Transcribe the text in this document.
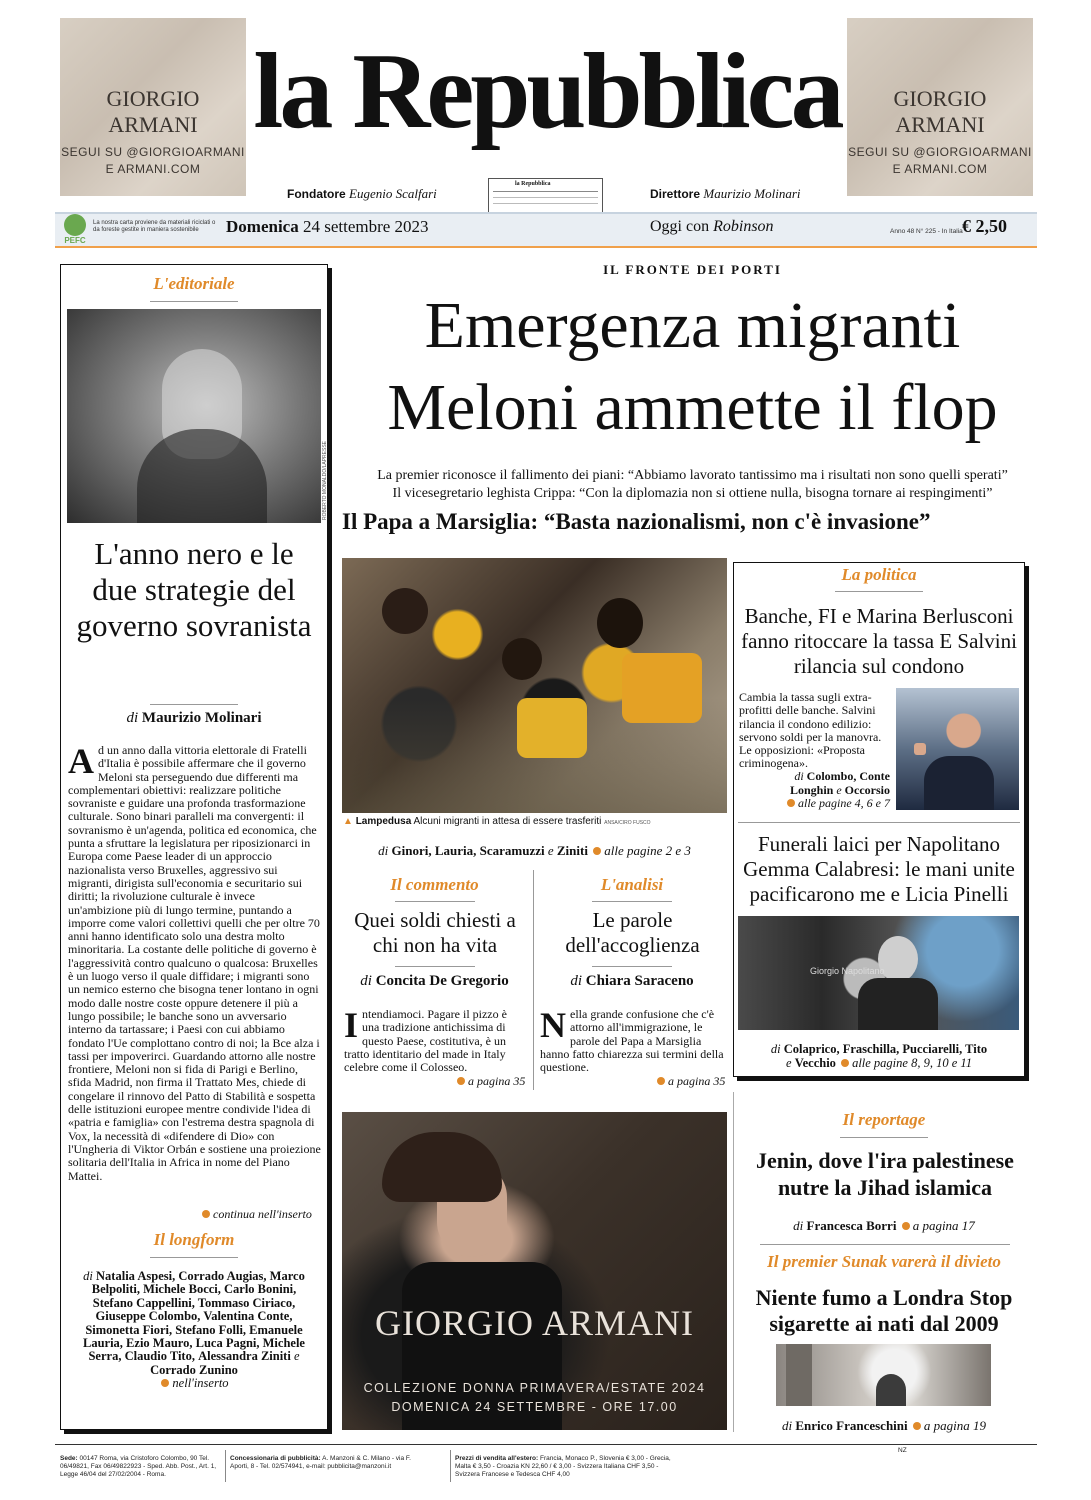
GIORGIO ARMANI
SEGUI SU @GIORGIOARMANI
E ARMANI.COM
GIORGIO ARMANI
SEGUI SU @GIORGIOARMANI
E ARMANI.COM
la Repubblica
Fondatore Eugenio Scalfari	Direttore Maurizio Molinari
la Repubblica
PEFC
La nostra carta proviene da materiali riciclati o da foreste gestite in maniera sostenibile	Domenica 24 settembre 2023	Oggi con Robinson	Anno 48 N° 225 - In Italia € 2,50
L'editoriale
ROBERTO MONALDO/LAPRESSE
L'anno nero e le due strategie del governo sovranista
di Maurizio Molinari
Ad un anno dalla vittoria elettorale di Fratelli d'Italia è possibile affermare che il governo Meloni sta perseguendo due differenti ma complementari obiettivi: realizzare politiche sovraniste e guidare una profonda trasformazione culturale. Sono binari paralleli ma convergenti: il sovranismo è un'agenda, politica ed economica, che punta a sfruttare la legislatura per riposizionarci in Europa come Paese leader di un approccio nazionalista verso Bruxelles, aggressivo sui migranti, dirigista sull'economia e securitario sui diritti; la rivoluzione culturale è invece un'ambizione più di lungo termine, puntando a imporre come valori collettivi quelli che per oltre 70 anni hanno identificato solo una destra molto minoritaria. La costante delle politiche di governo è l'aggressività contro qualcuno o qualcosa: Bruxelles è un luogo verso il quale diffidare; i migranti sono un nemico esterno che bisogna tener lontano in ogni modo dalle nostre coste oppure detenere il più a lungo possibile; le banche sono un avversario interno da tartassare; i Paesi con cui abbiamo fondato l'Ue complottano contro di noi; la Bce alza i tassi per impoverirci. Guardando attorno alle nostre frontiere, Meloni non si fida di Parigi e Berlino, sfida Madrid, non firma il Trattato Mes, chiede di congelare il rinnovo del Patto di Stabilità e sospetta delle istituzioni europee mentre condivide l'idea di «patria e famiglia» con l'estrema destra spagnola di Vox, la necessità di «difendere di Dio» con l'Ungheria di Viktor Orbán e sostiene una proiezione solitaria dell'Italia in Africa in nome del Piano Mattei.
continua nell'inserto
Il longform
di Natalia Aspesi, Corrado Augias, Marco Belpoliti, Michele Bocci, Carlo Bonini, Stefano Cappellini, Tommaso Ciriaco, Giuseppe Colombo, Valentina Conte, Simonetta Fiori, Stefano Folli, Emanuele Lauria, Ezio Mauro, Luca Pagni, Michele Serra, Claudio Tito, Alessandra Ziniti e Corrado Zunino
nell'inserto
IL FRONTE DEI PORTI
Emergenza migranti
Meloni ammette il flop
La premier riconosce il fallimento dei piani: “Abbiamo lavorato tantissimo ma i risultati non sono quelli sperati”
Il vicesegretario leghista Crippa: “Con la diplomazia non si ottiene nulla, bisogna tornare ai respingimenti”
Il Papa a Marsiglia: “Basta nazionalismi, non c'è invasione”
▲ Lampedusa Alcuni migranti in attesa di essere trasferiti ANSA/CIRO FUSCO
di Ginori, Lauria, Scaramuzzi e Ziniti alle pagine 2 e 3
Il commento
Quei soldi chiesti a chi non ha vita
di Concita De Gregorio
Intendiamoci. Pagare il pizzo è una tradizione antichissima di questo Paese, costitutiva, è un tratto identitario del made in Italy celebre come il Colosseo.
a pagina 35
L'analisi
Le parole dell'accoglienza
di Chiara Saraceno
Nella grande confusione che c'è attorno all'immigrazione, le parole del Papa a Marsiglia hanno fatto chiarezza sui termini della questione.
a pagina 35
GIORGIO ARMANI
COLLEZIONE DONNA PRIMAVERA/ESTATE 2024
DOMENICA 24 SETTEMBRE - ORE 17.00
La politica
Banche, FI e Marina Berlusconi fanno ritoccare la tassa E Salvini rilancia sul condono
Cambia la tassa sugli extra-profitti delle banche. Salvini rilancia il condono edilizio: servono soldi per la manovra. Le opposizioni: «Proposta criminogena».
di Colombo, Conte Longhin e Occorsio
alle pagine 4, 6 e 7
Funerali laici per Napolitano Gemma Calabresi: le mani unite pacificarono me e Licia Pinelli
Giorgio Napolitano
di Colaprico, Fraschilla, Pucciarelli, Tito
e Vecchio alle pagine 8, 9, 10 e 11
Il reportage
Jenin, dove l'ira palestinese nutre la Jihad islamica
di Francesca Borri a pagina 17
Il premier Sunak varerà il divieto
Niente fumo a Londra Stop sigarette ai nati dal 2009
di Enrico Franceschini a pagina 19
Sede: 00147 Roma, via Cristoforo Colombo, 90 Tel. 06/49821, Fax 06/49822923 - Sped. Abb. Post., Art. 1, Legge 46/04 del 27/02/2004 - Roma.
Concessionaria di pubblicità: A. Manzoni & C. Milano - via F. Aporti, 8 - Tel. 02/574941, e-mail: pubblicita@manzoni.it
Prezzi di vendita all'estero: Francia, Monaco P., Slovenia € 3,00 - Grecia, Malta € 3,50 - Croazia KN 22,60 / € 3,00 - Svizzera Italiana CHF 3,50 - Svizzera Francese e Tedesca CHF 4,00
NZ
